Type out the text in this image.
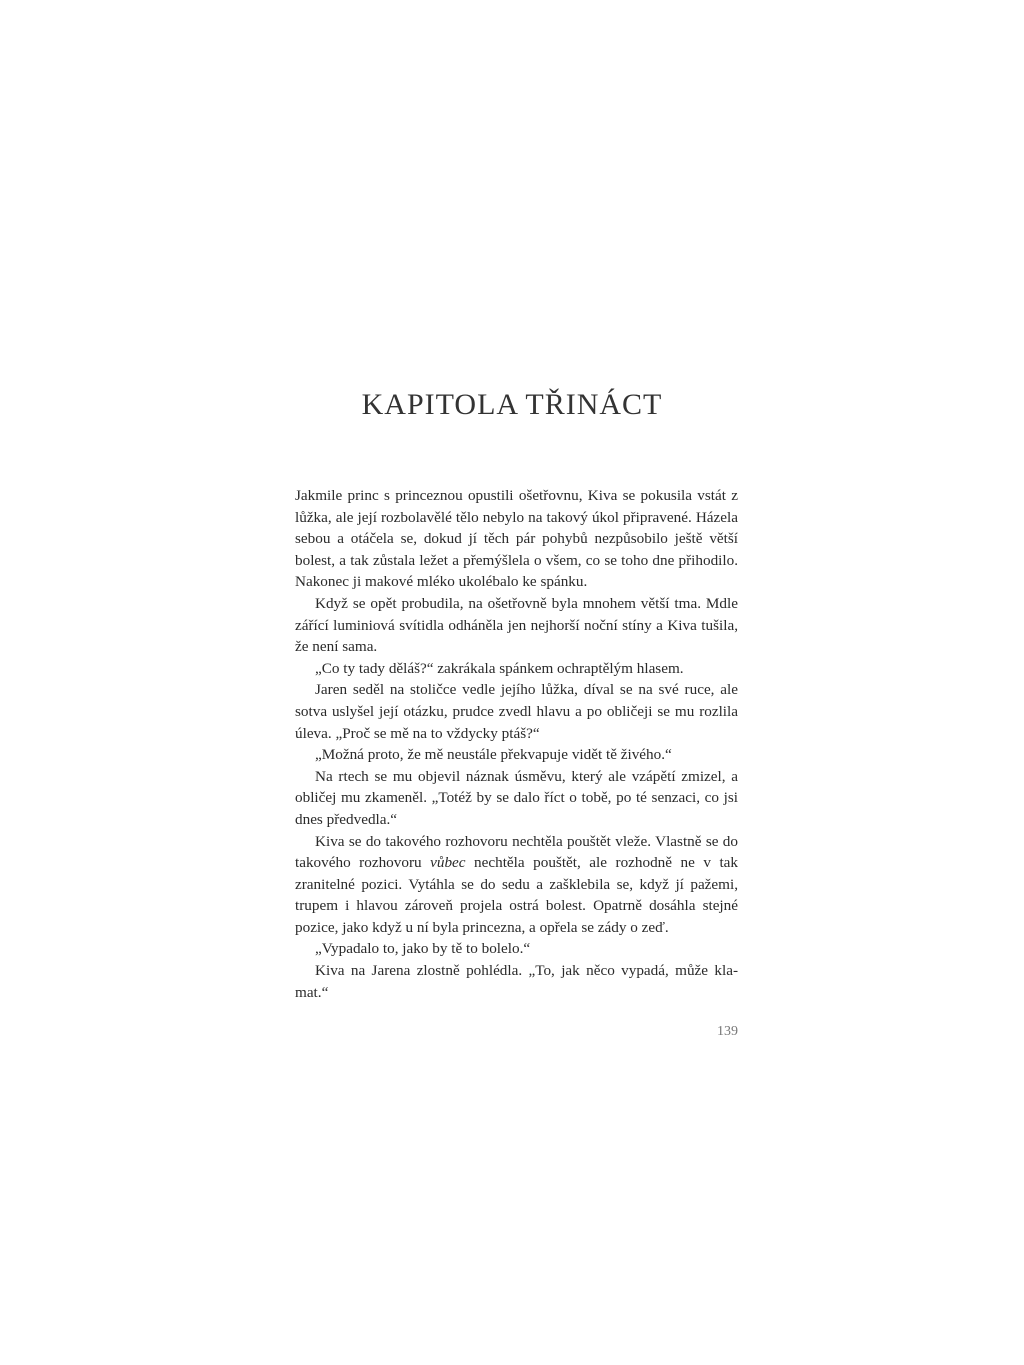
KAPITOLA TŘINÁCT

Jakmile princ s princeznou opustili ošetřovnu, Kiva se pokusila vstát z lůžka, ale její rozbolavělé tělo nebylo na takový úkol připravené. Házela sebou a otáčela se, dokud jí těch pár pohybů nezpůsobilo ještě větší bolest, a tak zůstala ležet a přemýšlela o všem, co se toho dne přihodilo. Nakonec ji makové mléko ukolébalo ke spánku.

Když se opět probudila, na ošetřovně byla mnohem větší tma. Mdle zářící luminiová svítidla odháněla jen nejhorší noční stíny a Kiva tušila, že není sama.

„Co ty tady děláš?“ zakrákala spánkem ochraptělým hlasem.

Jaren seděl na stoličce vedle jejího lůžka, díval se na své ruce, ale sotva uslyšel její otázku, prudce zvedl hlavu a po obličeji se mu rozlila úleva. „Proč se mě na to vždycky ptáš?“

„Možná proto, že mě neustále překvapuje vidět tě živého.“

Na rtech se mu objevil náznak úsměvu, který ale vzápětí zmizel, a obličej mu zkameněl. „Totéž by se dalo říct o tobě, po té senzaci, co jsi dnes předvedla.“

Kiva se do takového rozhovoru nechtěla pouštět vleže. Vlastně se do takového rozhovoru vůbec nechtěla pouštět, ale rozhodně ne v tak zranitelné pozici. Vytáhla se do sedu a zašklebila se, když jí pažemi, trupem i hlavou zároveň projela ostrá bolest. Opatrně dosáhla stejné pozice, jako když u ní byla princezna, a opřela se zády o zeď.

„Vypadalo to, jako by tě to bolelo.“

Kiva na Jarena zlostně pohlédla. „To, jak něco vypadá, může klamat.“

139
